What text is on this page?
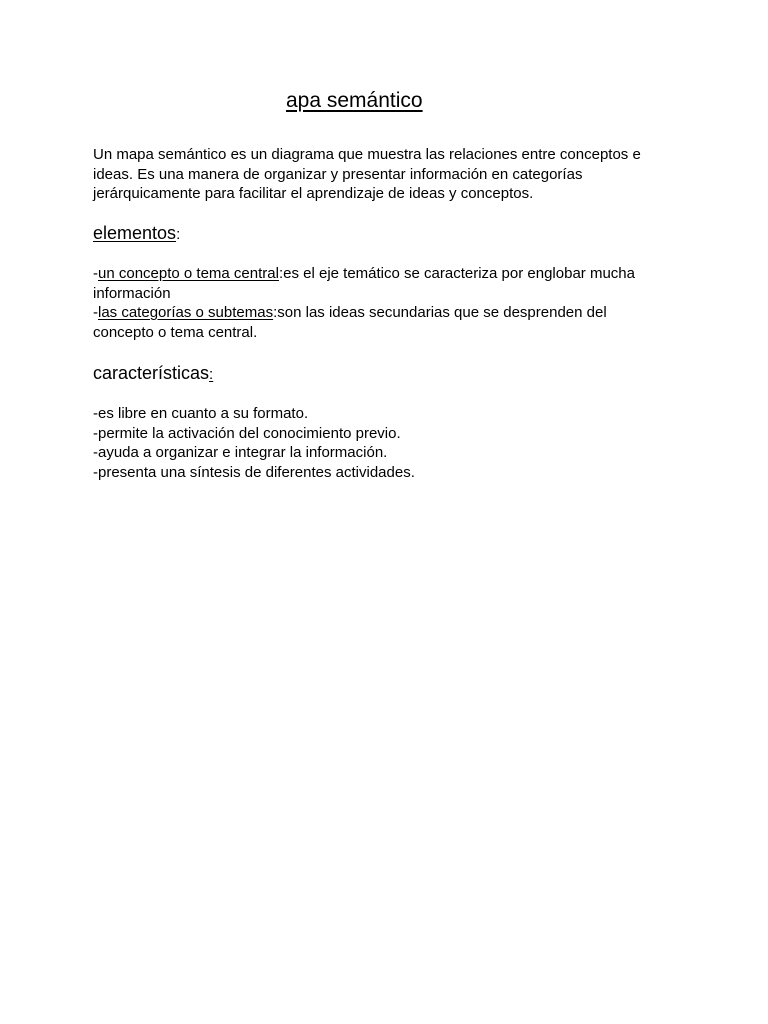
apa semántico
Un mapa semántico es un diagrama que muestra las relaciones entre conceptos e
ideas. Es una manera de organizar y presentar información en categorías
jerárquicamente para facilitar el aprendizaje de ideas y conceptos.
elementos:
-un concepto o tema central:es el eje temático se caracteriza por englobar mucha
información
-las categorías o subtemas:son las ideas secundarias que se desprenden del
concepto o tema central.
características:
-es libre en cuanto a su formato.
-permite la activación del conocimiento previo.
-ayuda a organizar e integrar la información.
-presenta una síntesis de diferentes actividades.
